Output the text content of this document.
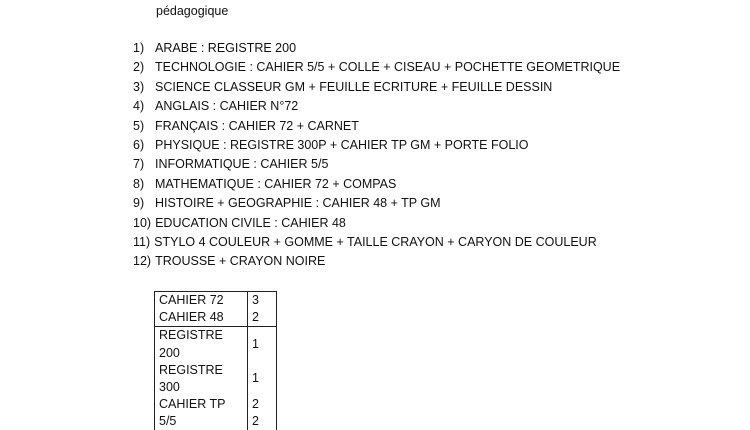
pédagogique

1) ARABE : REGISTRE 200
2) TECHNOLOGIE : CAHIER 5/5 + COLLE + CISEAU + POCHETTE GEOMETRIQUE
3) SCIENCE CLASSEUR GM + FEUILLE ECRITURE + FEUILLE DESSIN
4) ANGLAIS : CAHIER N°72
5) FRANÇAIS : CAHIER 72 + CARNET
6) PHYSIQUE : REGISTRE 300P + CAHIER TP GM + PORTE FOLIO
7) INFORMATIQUE : CAHIER 5/5
8) MATHEMATIQUE : CAHIER 72 + COMPAS
9) HISTOIRE + GEOGRAPHIE : CAHIER 48 + TP GM
10) EDUCATION CIVILE : CAHIER 48
11) STYLO 4 COULEUR + GOMME + TAILLE CRAYON + CARYON DE COULEUR
12) TROUSSE + CRAYON NOIRE
CAHIER 72	3
CAHIER 48	2
REGISTRE 200	1
REGISTRE 300	1
CAHIER TP	2
5/5	2
